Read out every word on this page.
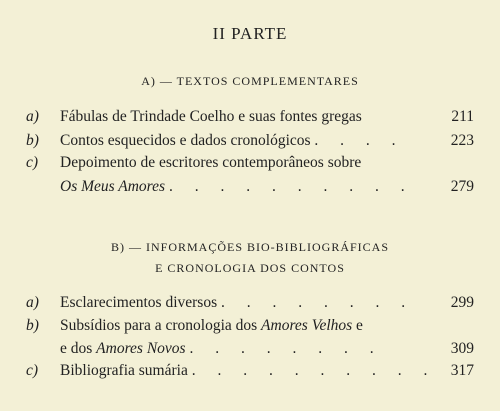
II PARTE
A) — TEXTOS COMPLEMENTARES
a) Fábulas de Trindade Coelho e suas fontes gregas	211
b) Contos esquecidos e dados cronológicos . . . .	223
c) Depoimento de escritores contemporâneos sobre
Os Meus Amores . . . . . . . . . . 279
B) — INFORMAÇÕES BIO-BIBLIOGRÁFICAS
E CRONOLOGIA DOS CONTOS
a) Esclarecimentos diversos . . . . . . . . 299
b) Subsídios para a cronologia dos Amores Velhos e
e dos Amores Novos . . . . . . . .	309
c) Bibliografia sumária . . . . . . . . . . 317
